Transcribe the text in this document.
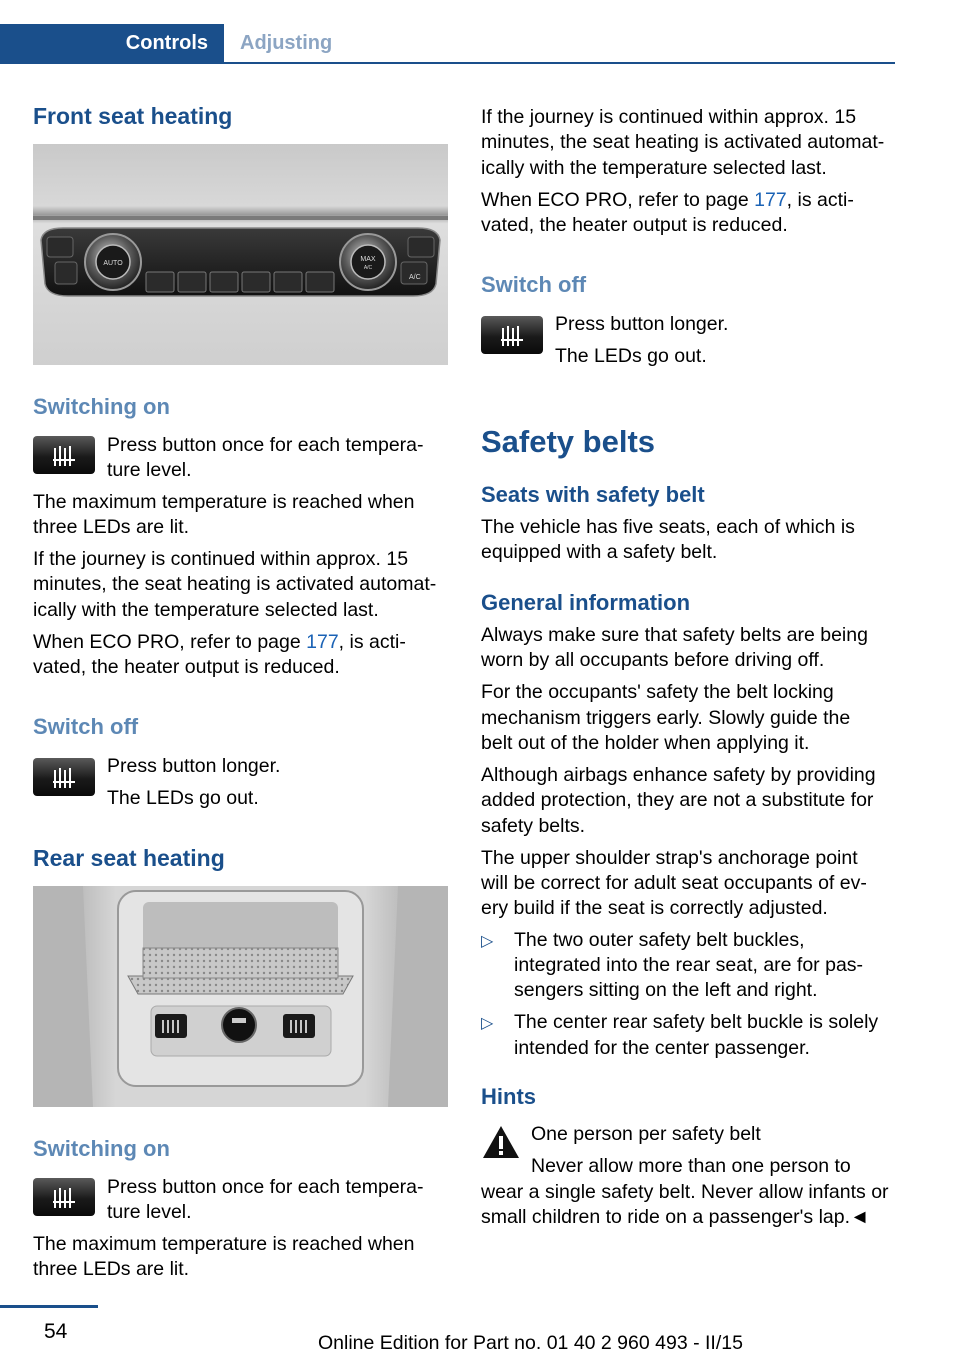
Controls	Adjusting
Front seat heating
AUTO
MAX
A/C
A/C
Switching on

Press button once for each tempera-

ture level.

The maximum temperature is reached when

three LEDs are lit.

If the journey is continued within approx. 15

minutes, the seat heating is activated automat-

ically with the temperature selected last.

When ECO PRO, refer to page 177, is acti-

vated, the heater output is reduced.

Switch off

Press button longer.

The LEDs go out.

Rear seat heating
Switching on

Press button once for each tempera-

ture level.

The maximum temperature is reached when

three LEDs are lit.

If the journey is continued within approx. 15

minutes, the seat heating is activated automat-

ically with the temperature selected last.

When ECO PRO, refer to page 177, is acti-

vated, the heater output is reduced.

Switch off

Press button longer.

The LEDs go out.

Safety belts
Seats with safety belt

The vehicle has five seats, each of which is

equipped with a safety belt.

General information

Always make sure that safety belts are being

worn by all occupants before driving off.

For the occupants' safety the belt locking

mechanism triggers early. Slowly guide the

belt out of the holder when applying it.

Although airbags enhance safety by providing

added protection, they are not a substitute for

safety belts.

The upper shoulder strap's anchorage point

will be correct for adult seat occupants of ev-

ery build if the seat is correctly adjusted.

▷ The two outer safety belt buckles,

integrated into the rear seat, are for pas-

sengers sitting on the left and right.

▷ The center rear safety belt buckle is solely

intended for the center passenger.

Hints

One person per safety belt

Never allow more than one person to

wear a single safety belt. Never allow infants or

small children to ride on a passenger's lap.◄

54	Online Edition for Part no. 01 40 2 960 493 - II/15
